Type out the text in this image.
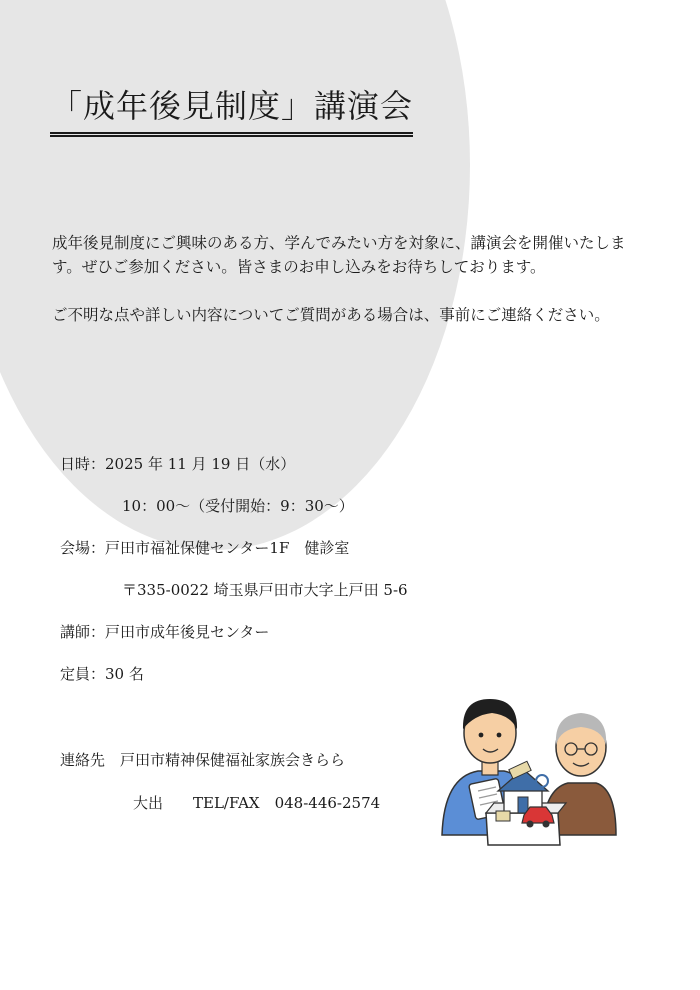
「成年後見制度」講演会

成年後見制度にご興味のある方、学んでみたい方を対象に、講演会を開催いたします。ぜひご参加ください。皆さまのお申し込みをお待ちしております。

ご不明な点や詳しい内容についてご質問がある場合は、事前にご連絡ください。

日時：2025 年 11 月 19 日（水）
10：00～（受付開始：9：30～）
会場：戸田市福祉保健センター1F　健診室
〒335-0022 埼玉県戸田市大字上戸田 5-6
講師：戸田市成年後見センター
定員：30 名
連絡先　戸田市精神保健福祉家族会きらら
大出　　TEL/FAX　048-446-2574
